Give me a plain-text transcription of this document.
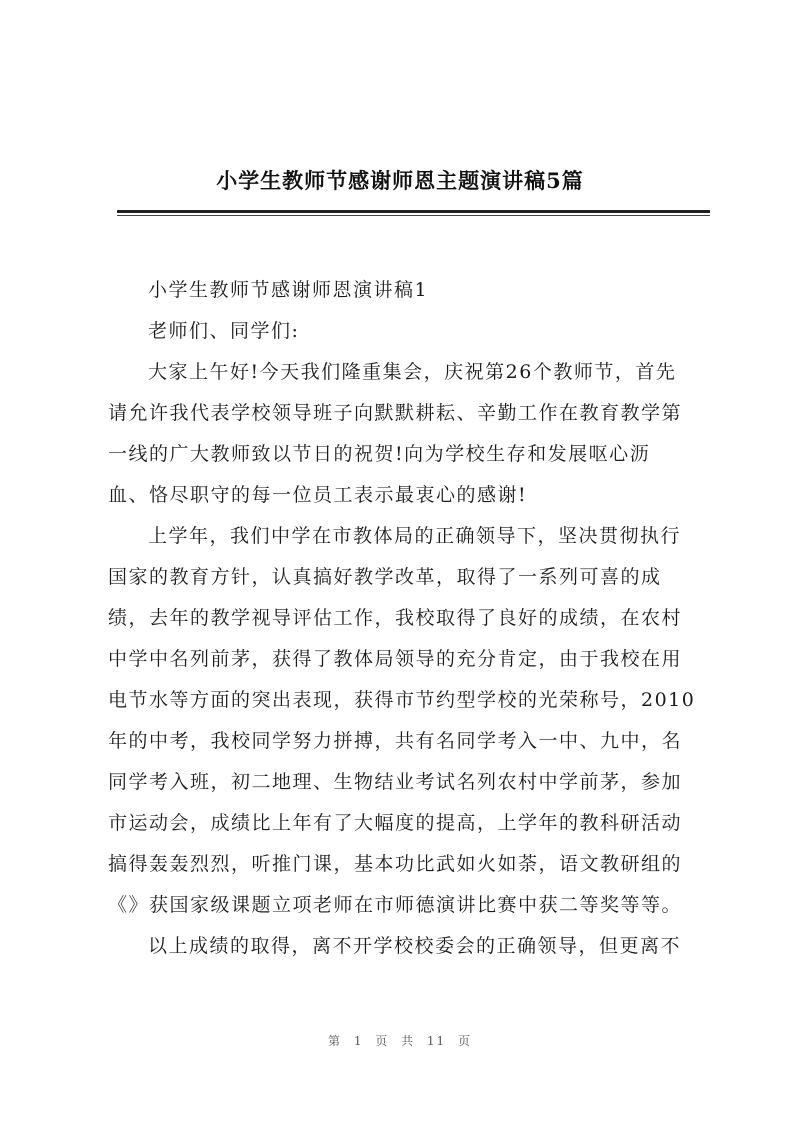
小学生教师节感谢师恩主题演讲稿5篇
小学生教师节感谢师恩演讲稿1
老师们、同学们:
大家上午好!今天我们隆重集会，庆祝第26个教师节，首先
请允许我代表学校领导班子向默默耕耘、辛勤工作在教育教学第
一线的广大教师致以节日的祝贺!向为学校生存和发展呕心沥
血、恪尽职守的每一位员工表示最衷心的感谢!
上学年，我们中学在市教体局的正确领导下，坚决贯彻执行
国家的教育方针，认真搞好教学改革，取得了一系列可喜的成
绩，去年的教学视导评估工作，我校取得了良好的成绩，在农村
中学中名列前茅，获得了教体局领导的充分肯定，由于我校在用
电节水等方面的突出表现，获得市节约型学校的光荣称号，2010
年的中考，我校同学努力拼搏，共有名同学考入一中、九中，名
同学考入班，初二地理、生物结业考试名列农村中学前茅，参加
市运动会，成绩比上年有了大幅度的提高，上学年的教科研活动
搞得轰轰烈烈，听推门课，基本功比武如火如荼，语文教研组的
《》获国家级课题立项老师在市师德演讲比赛中获二等奖等等。
以上成绩的取得，离不开学校校委会的正确领导，但更离不
第 1 页 共 11 页
